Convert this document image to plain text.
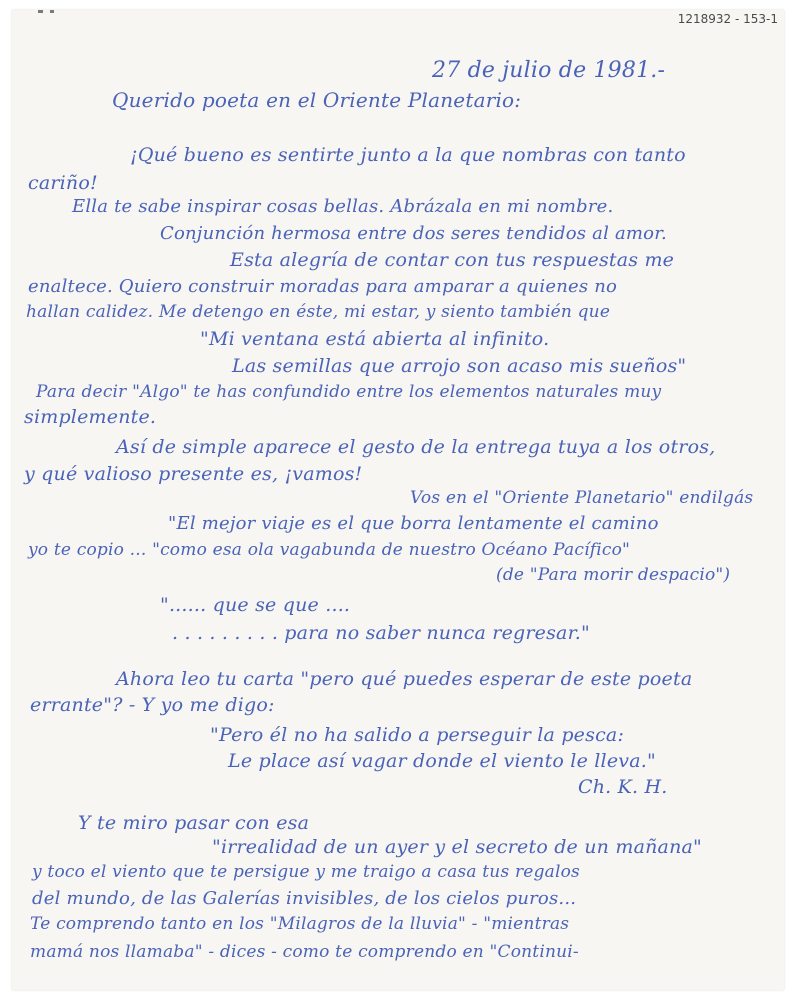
1218932 - 153-1
27 de julio de 1981.-
Querido poeta en el Oriente Planetario:
¡Qué bueno es sentirte junto a la que nombras con tanto
cariño!
Ella te sabe inspirar cosas bellas. Abrázala en mi nombre.
Conjunción hermosa entre dos seres tendidos al amor.
Esta alegría de contar con tus respuestas me
enaltece. Quiero construir moradas para amparar a quienes no
hallan calidez. Me detengo en éste, mi estar, y siento también que
"Mi ventana está abierta al infinito.
Las semillas que arrojo son acaso mis sueños"
Para decir "Algo" te has confundido entre los elementos naturales muy
simplemente.
Así de simple aparece el gesto de la entrega tuya a los otros,
y qué valioso presente es, ¡vamos!
Vos en el "Oriente Planetario" endilgás
"El mejor viaje es el que borra lentamente el camino
yo te copio ... "como esa ola vagabunda de nuestro Océano Pacífico"
(de "Para morir despacio")
"...... que se que ....
. . . . . . . . . para no saber nunca regresar."
Ahora leo tu carta "pero qué puedes esperar de este poeta
errante"? - Y yo me digo:
"Pero él no ha salido a perseguir la pesca:
Le place así vagar donde el viento le lleva."
Ch. K. H.
Y te miro pasar con esa
"irrealidad de un ayer y el secreto de un mañana"
y toco el viento que te persigue y me traigo a casa tus regalos
del mundo, de las Galerías invisibles, de los cielos puros...
Te comprendo tanto en los "Milagros de la lluvia" - "mientras
mamá nos llamaba" - dices - como te comprendo en "Continui-
